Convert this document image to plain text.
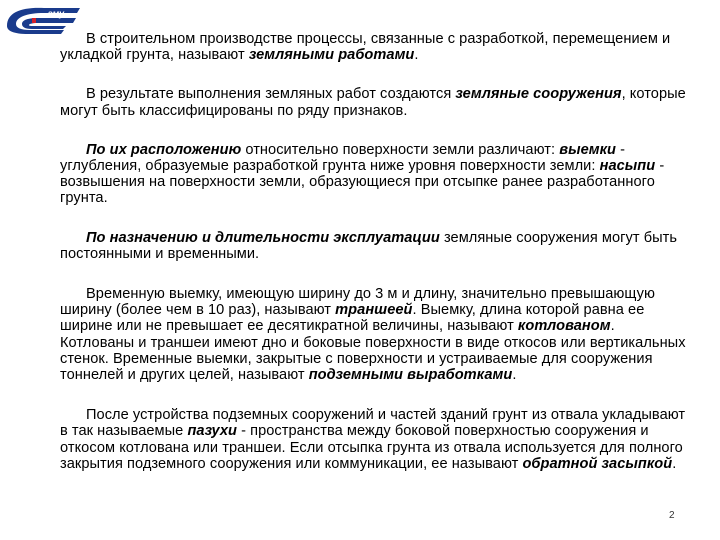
гму

В строительном производстве процессы, связанные с разработкой, перемещением и укладкой грунта, называют земляными работами.

В результате выполнения земляных работ создаются земляные сооружения, которые могут быть классифицированы по ряду признаков.

По их расположению относительно поверхности земли различают: выемки - углубления, образуемые разработкой грунта ниже уровня поверхности земли: насыпи - возвышения на поверхности земли, образующиеся при отсыпке ранее разработанного грунта.

По назначению и длительности эксплуатации земляные сооружения могут быть постоянными и временными.

Временную выемку, имеющую ширину до 3 м и длину, значительно превышающую ширину (более чем в 10 раз), называют траншеей. Выемку, длина которой равна ее ширине или не превышает ее десятикратной величины, называют котлованом. Котлованы и траншеи имеют дно и боковые поверхности в виде откосов или вертикальных стенок. Временные выемки, закрытые с поверхности и устраиваемые для сооружения тоннелей и других целей, называют подземными выработками.

После устройства подземных сооружений и частей зданий грунт из отвала укладывают в так называемые пазухи - пространства между боковой поверхностью сооружения и откосом котлована или траншеи. Если отсыпка грунта из отвала используется для полного закрытия подземного сооружения или коммуникации, ее называют обратной засыпкой.

2
